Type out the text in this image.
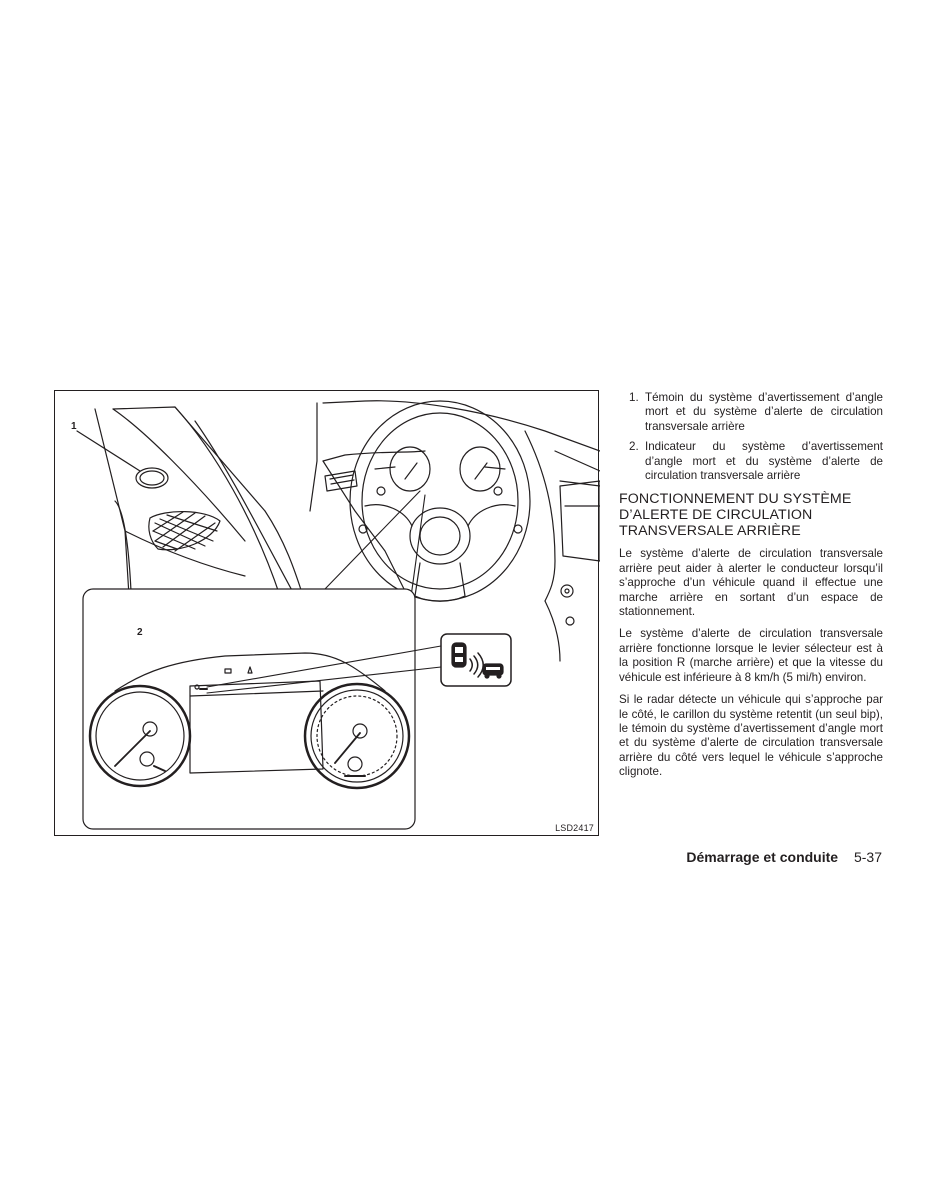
1
2
LSD2417
1. Témoin du système d’avertissement d’angle mort et du système d’alerte de circulation transversale arrière
2. Indicateur du système d’avertissement d’angle mort et du système d’alerte de circulation transversale arrière
FONCTIONNEMENT DU SYSTÈME D’ALERTE DE CIRCULATION TRANSVERSALE ARRIÈRE

Le système d’alerte de circulation transversale arrière peut aider à alerter le conducteur lorsqu’il s’approche d’un véhicule quand il effectue une marche arrière en sortant d’un espace de stationnement.

Le système d’alerte de circulation transversale arrière fonctionne lorsque le levier sélecteur est à la position R (marche arrière) et que la vitesse du véhicule est inférieure à 8 km/h (5 mi/h) environ.

Si le radar détecte un véhicule qui s’approche par le côté, le carillon du système retentit (un seul bip), le témoin du système d’avertissement d’angle mort et du système d’alerte de circulation transversale arrière du côté vers lequel le véhicule s’approche clignote.

Démarrage et conduite 5-37
